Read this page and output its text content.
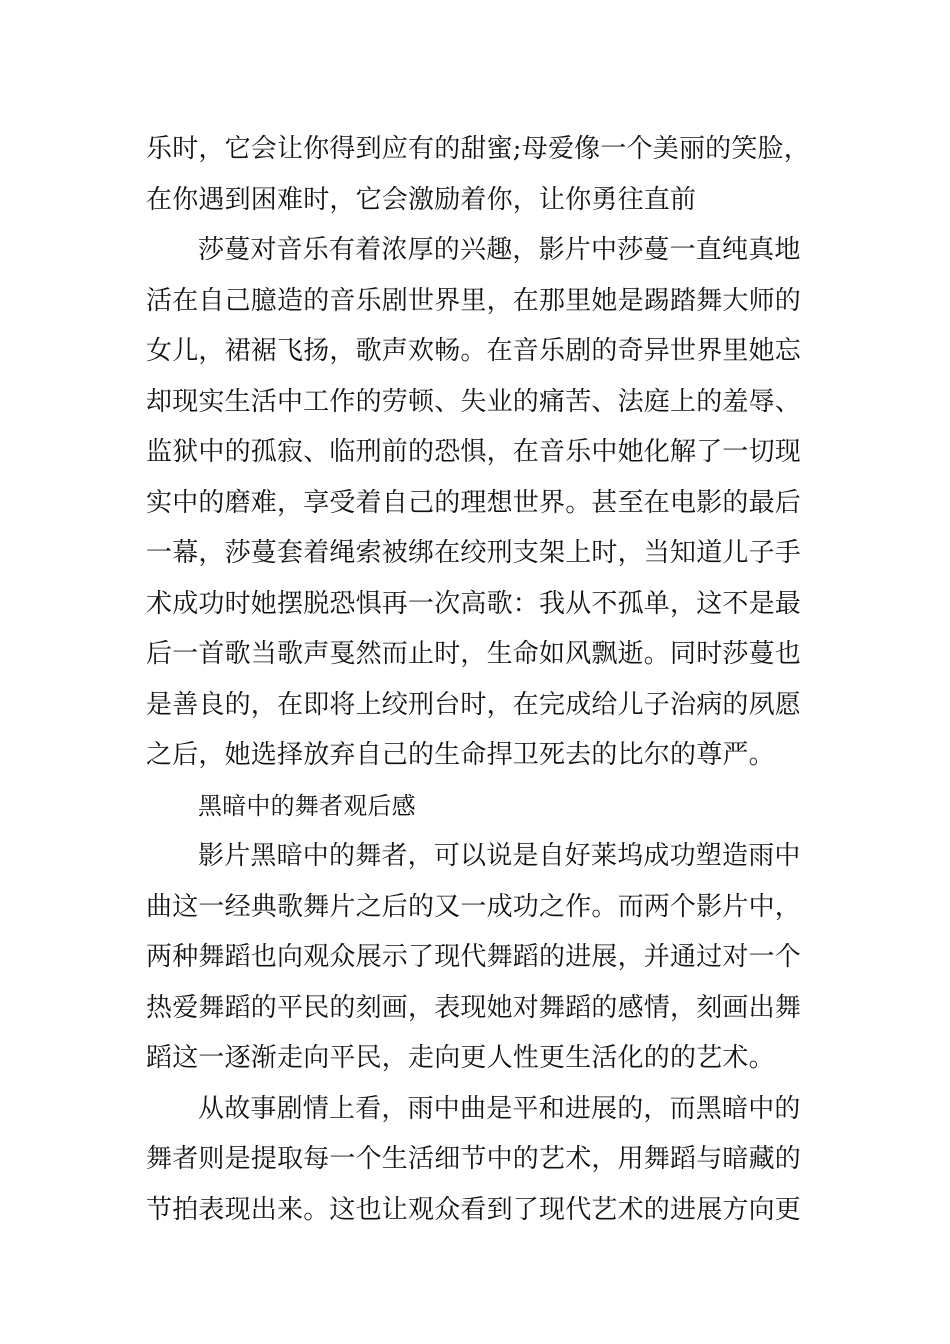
乐时，它会让你得到应有的甜蜜;母爱像一个美丽的笑脸，
在你遇到困难时，它会激励着你，让你勇往直前
莎蔓对音乐有着浓厚的兴趣，影片中莎蔓一直纯真地
活在自己臆造的音乐剧世界里，在那里她是踢踏舞大师的
女儿，裙裾飞扬，歌声欢畅。在音乐剧的奇异世界里她忘
却现实生活中工作的劳顿、失业的痛苦、法庭上的羞辱、
监狱中的孤寂、临刑前的恐惧，在音乐中她化解了一切现
实中的磨难，享受着自己的理想世界。甚至在电影的最后
一幕，莎蔓套着绳索被绑在绞刑支架上时，当知道儿子手
术成功时她摆脱恐惧再一次高歌：我从不孤单，这不是最
后一首歌当歌声戛然而止时，生命如风飘逝。同时莎蔓也
是善良的，在即将上绞刑台时，在完成给儿子治病的夙愿
之后，她选择放弃自己的生命捍卫死去的比尔的尊严。
黑暗中的舞者观后感
影片黑暗中的舞者，可以说是自好莱坞成功塑造雨中
曲这一经典歌舞片之后的又一成功之作。而两个影片中，
两种舞蹈也向观众展示了现代舞蹈的进展，并通过对一个
热爱舞蹈的平民的刻画，表现她对舞蹈的感情，刻画出舞
蹈这一逐渐走向平民，走向更人性更生活化的的艺术。
从故事剧情上看，雨中曲是平和进展的，而黑暗中的
舞者则是提取每一个生活细节中的艺术，用舞蹈与暗藏的
节拍表现出来。这也让观众看到了现代艺术的进展方向更
